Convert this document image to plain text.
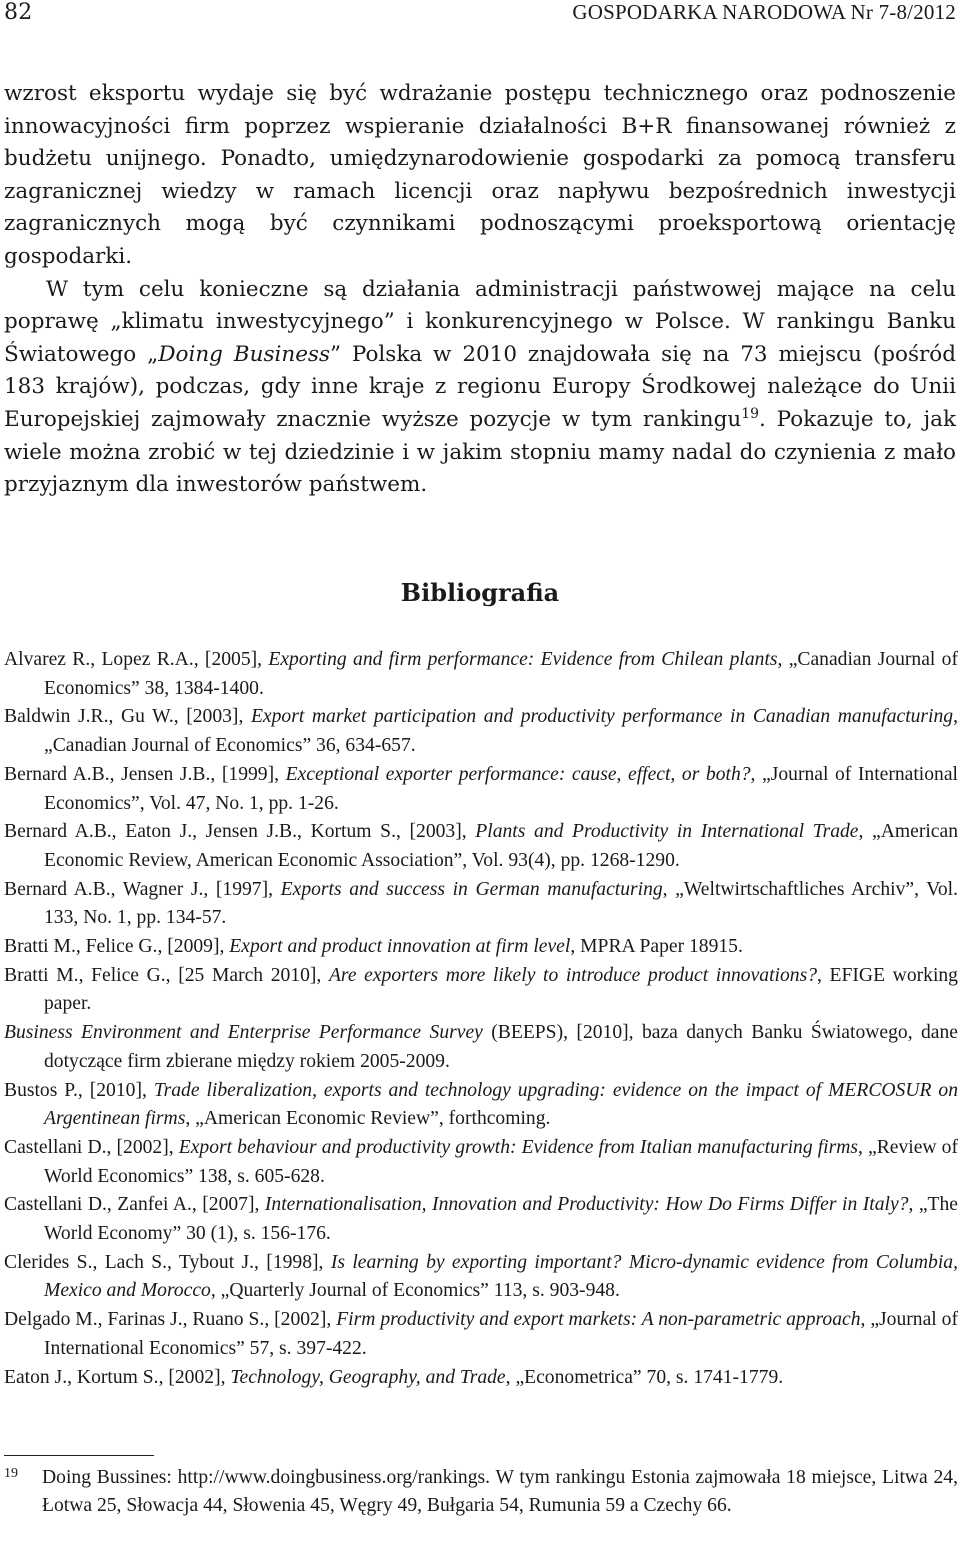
82	GOSPODARKA NARODOWA Nr 7-8/2012

wzrost eksportu wydaje się być wdrażanie postępu technicznego oraz podnoszenie innowacyjności firm poprzez wspieranie działalności B+R finansowanej również z budżetu unijnego. Ponadto, umiędzynarodowienie gospodarki za pomocą transferu zagranicznej wiedzy w ramach licencji oraz napływu bezpośrednich inwestycji zagranicznych mogą być czynnikami podnoszącymi proeksportową orientację gospodarki.

W tym celu konieczne są działania administracji państwowej mające na celu poprawę „klimatu inwestycyjnego” i konkurencyjnego w Polsce. W rankingu Banku Światowego „Doing Business” Polska w 2010 znajdowała się na 73 miejscu (pośród 183 krajów), podczas, gdy inne kraje z regionu Europy Środkowej należące do Unii Europejskiej zajmowały znacznie wyższe pozycje w tym rankingu$^{19}$. Pokazuje to, jak wiele można zrobić w tej dziedzinie i w jakim stopniu mamy nadal do czynienia z mało przyjaznym dla inwestorów państwem.

Bibliografia

Alvarez R., Lopez R.A., [2005], Exporting and firm performance: Evidence from Chilean plants, „Canadian Journal of Economics” 38, 1384-1400.

Baldwin J.R., Gu W., [2003], Export market participation and productivity performance in Canadian manufacturing, „Canadian Journal of Economics” 36, 634-657.

Bernard A.B., Jensen J.B., [1999], Exceptional exporter performance: cause, effect, or both?, „Journal of International Economics”, Vol. 47, No. 1, pp. 1-26.

Bernard A.B., Eaton J., Jensen J.B., Kortum S., [2003], Plants and Productivity in International Trade, „American Economic Review, American Economic Association”, Vol. 93(4), pp. 1268-1290.

Bernard A.B., Wagner J., [1997], Exports and success in German manufacturing, „Weltwirtschaftliches Archiv”, Vol. 133, No. 1, pp. 134-57.

Bratti M., Felice G., [2009], Export and product innovation at firm level, MPRA Paper 18915.

Bratti M., Felice G., [25 March 2010], Are exporters more likely to introduce product innovations?, EFIGE working paper.

Business Environment and Enterprise Performance Survey (BEEPS), [2010], baza danych Banku Światowego, dane dotyczące firm zbierane między rokiem 2005-2009.

Bustos P., [2010], Trade liberalization, exports and technology upgrading: evidence on the impact of MERCOSUR on Argentinean firms, „American Economic Review”, forthcoming.

Castellani D., [2002], Export behaviour and productivity growth: Evidence from Italian manufacturing firms, „Review of World Economics” 138, s. 605-628.

Castellani D., Zanfei A., [2007], Internationalisation, Innovation and Productivity: How Do Firms Differ in Italy?, „The World Economy” 30 (1), s. 156-176.

Clerides S., Lach S., Tybout J., [1998], Is learning by exporting important? Micro-dynamic evidence from Columbia, Mexico and Morocco, „Quarterly Journal of Economics” 113, s. 903-948.

Delgado M., Farinas J., Ruano S., [2002], Firm productivity and export markets: A non-parametric approach, „Journal of International Economics” 57, s. 397-422.

Eaton J., Kortum S., [2002], Technology, Geography, and Trade, „Econometrica” 70, s. 1741-1779.

19 Doing Bussines: http://www.doingbusiness.org/rankings. W tym rankingu Estonia zajmowała 18 miejsce, Litwa 24, Łotwa 25, Słowacja 44, Słowenia 45, Węgry 49, Bułgaria 54, Rumunia 59 a Czechy 66.
